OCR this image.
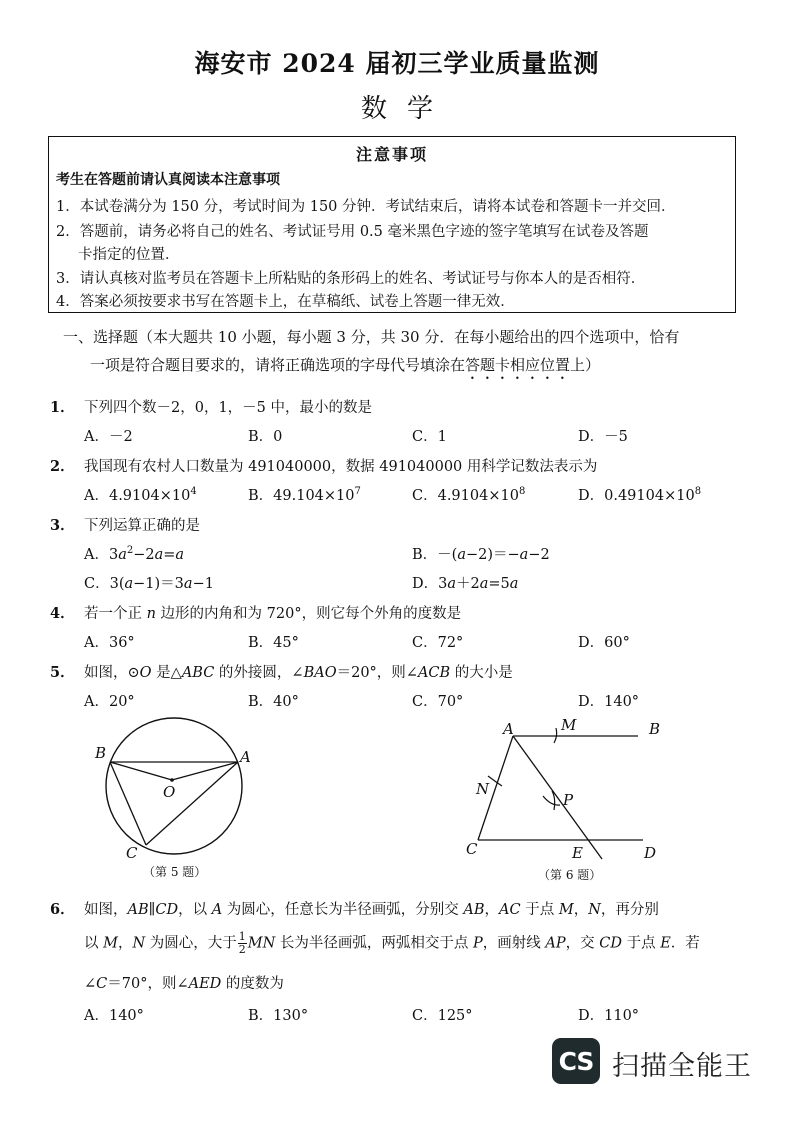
海安市 2024 届初三学业质量监测
数学
注意事项
考生在答题前请认真阅读本注意事项
1．本试卷满分为 150 分，考试时间为 150 分钟．考试结束后，请将本试卷和答题卡一并交回．
2．答题前，请务必将自己的姓名、考试证号用 0.5 毫米黑色字迹的签字笔填写在试卷及答题
卡指定的位置．
3．请认真核对监考员在答题卡上所粘贴的条形码上的姓名、考试证号与你本人的是否相符．
4．答案必须按要求书写在答题卡上，在草稿纸、试卷上答题一律无效．
一、选择题（本大题共 10 小题，每小题 3 分，共 30 分．在每小题给出的四个选项中，恰有
一项是符合题目要求的，请将正确选项的字母代号填涂在答题卡相应位置上）
1． 下列四个数－2，0，1，－5 中，最小的数是
A．－2	B．0	C．1	D．－5
2． 我国现有农村人口数量为 491040000，数据 491040000 用科学记数法表示为
A．$4.9104\times 10^4$	B．$49.104\times 10^7$	C．$4.9104\times 10^8$	D．$0.49104\times 10^8$
3． 下列运算正确的是
A．$3a^2-2a=a$	B．－(a−2)＝−a−2
C．3(a−1)＝3a−1	D．3a＋2a=5a
4． 若一个正 n 边形的内角和为 720°，则它每个外角的度数是
A．36°	B．45°	C．72°	D．60°
5． 如图，⊙O 是△ABC 的外接圆，∠BAO＝20°，则∠ACB 的大小是
A．20°	B．40°	C．70°	D．140°
B	A
O
C
（第 5 题）
A	M	B
N
P
C	E	D
（第 6 题）
6． 如图，AB∥CD，以 A 为圆心，任意长为半径画弧，分别交 AB，AC 于点 M，N，再分别
以 M，N 为圆心，大于 $\frac{1}{2}$ MN 长为半径画弧，两弧相交于点 P，画射线 AP，交 CD 于点 E．若
∠C＝70°，则∠AED 的度数为
A．140°	B．130°	C．125°	D．110°
CS 扫描全能王
